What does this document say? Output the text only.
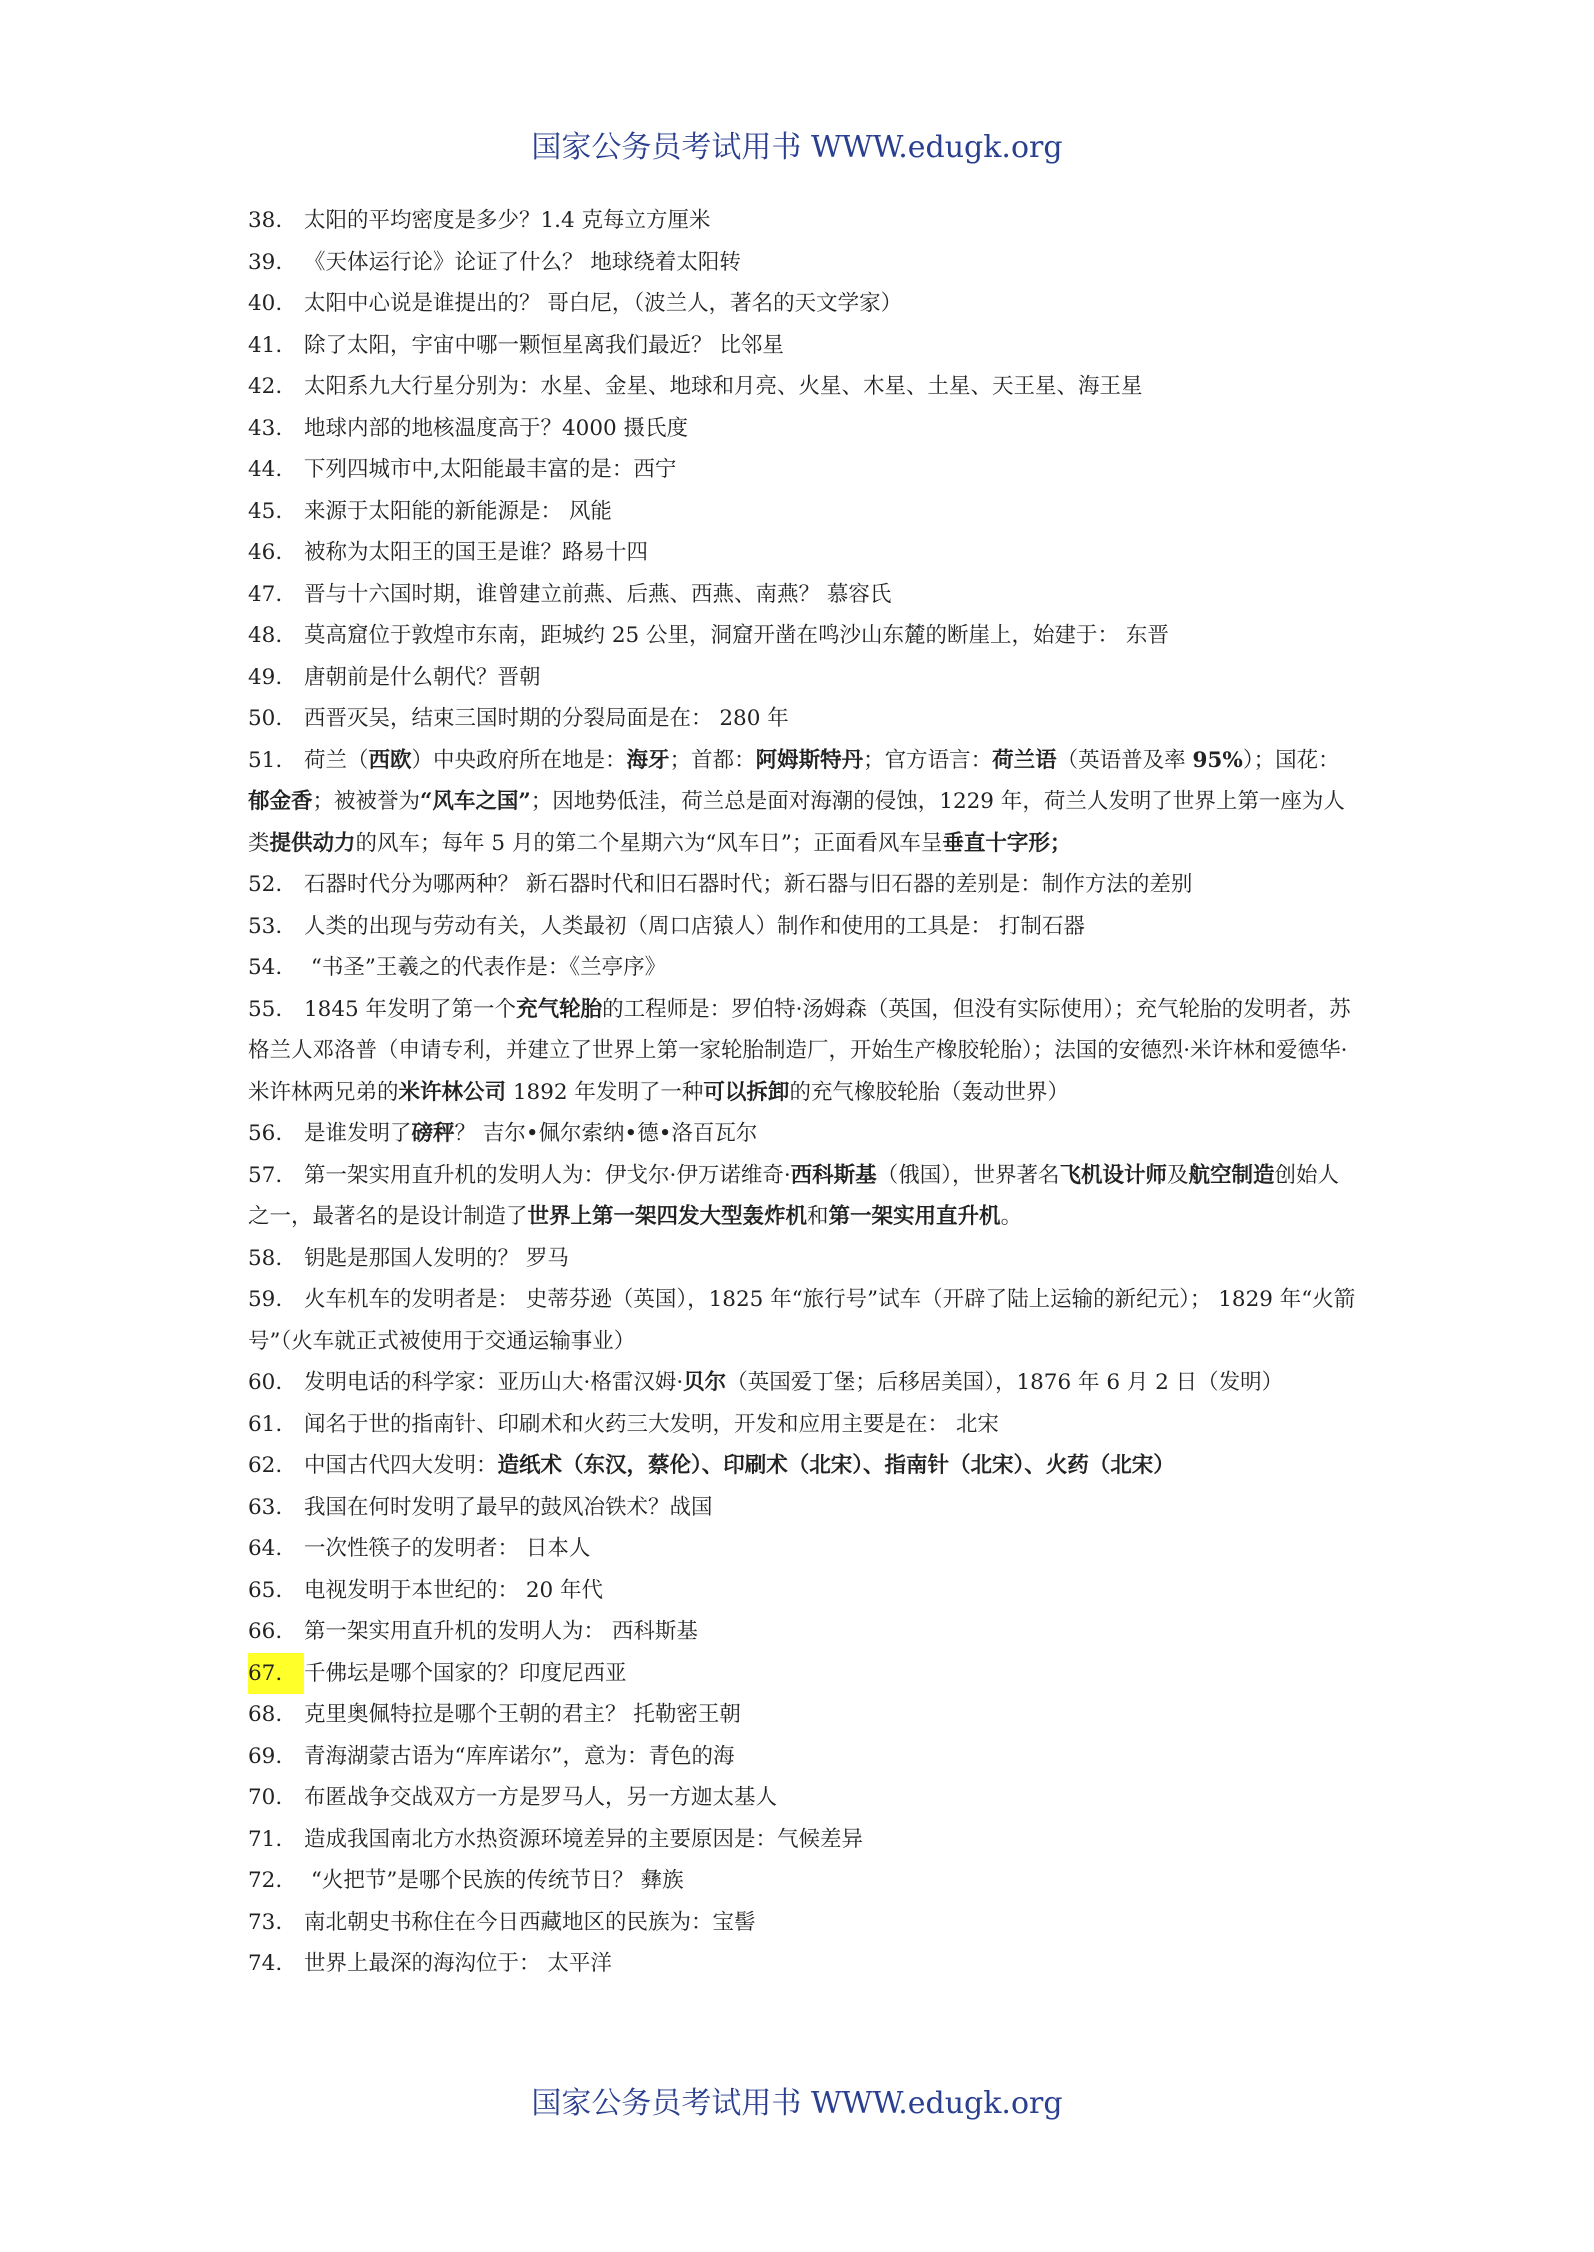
国家公务员考试用书 WWW.edugk.org
38. 太阳的平均密度是多少？1.4 克每立方厘米
39. 《天体运行论》论证了什么？ 地球绕着太阳转
40. 太阳中心说是谁提出的？ 哥白尼，（波兰人，著名的天文学家）
41. 除了太阳，宇宙中哪一颗恒星离我们最近？ 比邻星
42. 太阳系九大行星分别为：水星、金星、地球和月亮、火星、木星、土星、天王星、海王星
43. 地球内部的地核温度高于？4000 摄氏度
44. 下列四城市中,太阳能最丰富的是：西宁
45. 来源于太阳能的新能源是： 风能
46. 被称为太阳王的国王是谁？路易十四
47. 晋与十六国时期，谁曾建立前燕、后燕、西燕、南燕？ 慕容氏
48. 莫高窟位于敦煌市东南，距城约 25 公里，洞窟开凿在鸣沙山东麓的断崖上，始建于： 东晋
49. 唐朝前是什么朝代？晋朝
50. 西晋灭吴，结束三国时期的分裂局面是在： 280 年
51. 荷兰（西欧）中央政府所在地是：海牙；首都：阿姆斯特丹；官方语言：荷兰语（英语普及率 95%）；国花：郁金香；被被誉为“风车之国”；因地势低洼，荷兰总是面对海潮的侵蚀，1229 年，荷兰人发明了世界上第一座为人类提供动力的风车；每年 5 月的第二个星期六为“风车日”；正面看风车呈垂直十字形；
52. 石器时代分为哪两种？ 新石器时代和旧石器时代；新石器与旧石器的差别是：制作方法的差别
53. 人类的出现与劳动有关，人类最初（周口店猿人）制作和使用的工具是： 打制石器
54. “书圣”王羲之的代表作是：《兰亭序》
55. 1845 年发明了第一个充气轮胎的工程师是：罗伯特·汤姆森（英国，但没有实际使用）；充气轮胎的发明者，苏格兰人邓洛普（申请专利，并建立了世界上第一家轮胎制造厂，开始生产橡胶轮胎）；法国的安德烈·米许林和爱德华·米许林两兄弟的米许林公司 1892 年发明了一种可以拆卸的充气橡胶轮胎（轰动世界）
56. 是谁发明了磅秤？ 吉尔•佩尔索纳•德•洛百瓦尔
57. 第一架实用直升机的发明人为：伊戈尔·伊万诺维奇·西科斯基（俄国），世界著名飞机设计师及航空制造创始人之一，最著名的是设计制造了世界上第一架四发大型轰炸机和第一架实用直升机。
58. 钥匙是那国人发明的？ 罗马
59. 火车机车的发明者是： 史蒂芬逊（英国），1825 年“旅行号”试车（开辟了陆上运输的新纪元）； 1829 年“火箭号”（火车就正式被使用于交通运输事业）
60. 发明电话的科学家：亚历山大·格雷汉姆·贝尔（英国爱丁堡；后移居美国），1876 年 6 月 2 日（发明）
61. 闻名于世的指南针、印刷术和火药三大发明，开发和应用主要是在： 北宋
62. 中国古代四大发明：造纸术（东汉，蔡伦）、印刷术（北宋）、指南针（北宋）、火药（北宋）
63. 我国在何时发明了最早的鼓风冶铁术？战国
64. 一次性筷子的发明者： 日本人
65. 电视发明于本世纪的： 20 年代
66. 第一架实用直升机的发明人为： 西科斯基
67. 千佛坛是哪个国家的？印度尼西亚
68. 克里奥佩特拉是哪个王朝的君主？ 托勒密王朝
69. 青海湖蒙古语为“库库诺尔”，意为：青色的海
70. 布匿战争交战双方一方是罗马人，另一方迦太基人
71. 造成我国南北方水热资源环境差异的主要原因是：气候差异
72. “火把节”是哪个民族的传统节日？ 彝族
73. 南北朝史书称住在今日西藏地区的民族为：宝髻
74. 世界上最深的海沟位于： 太平洋
国家公务员考试用书 WWW.edugk.org
